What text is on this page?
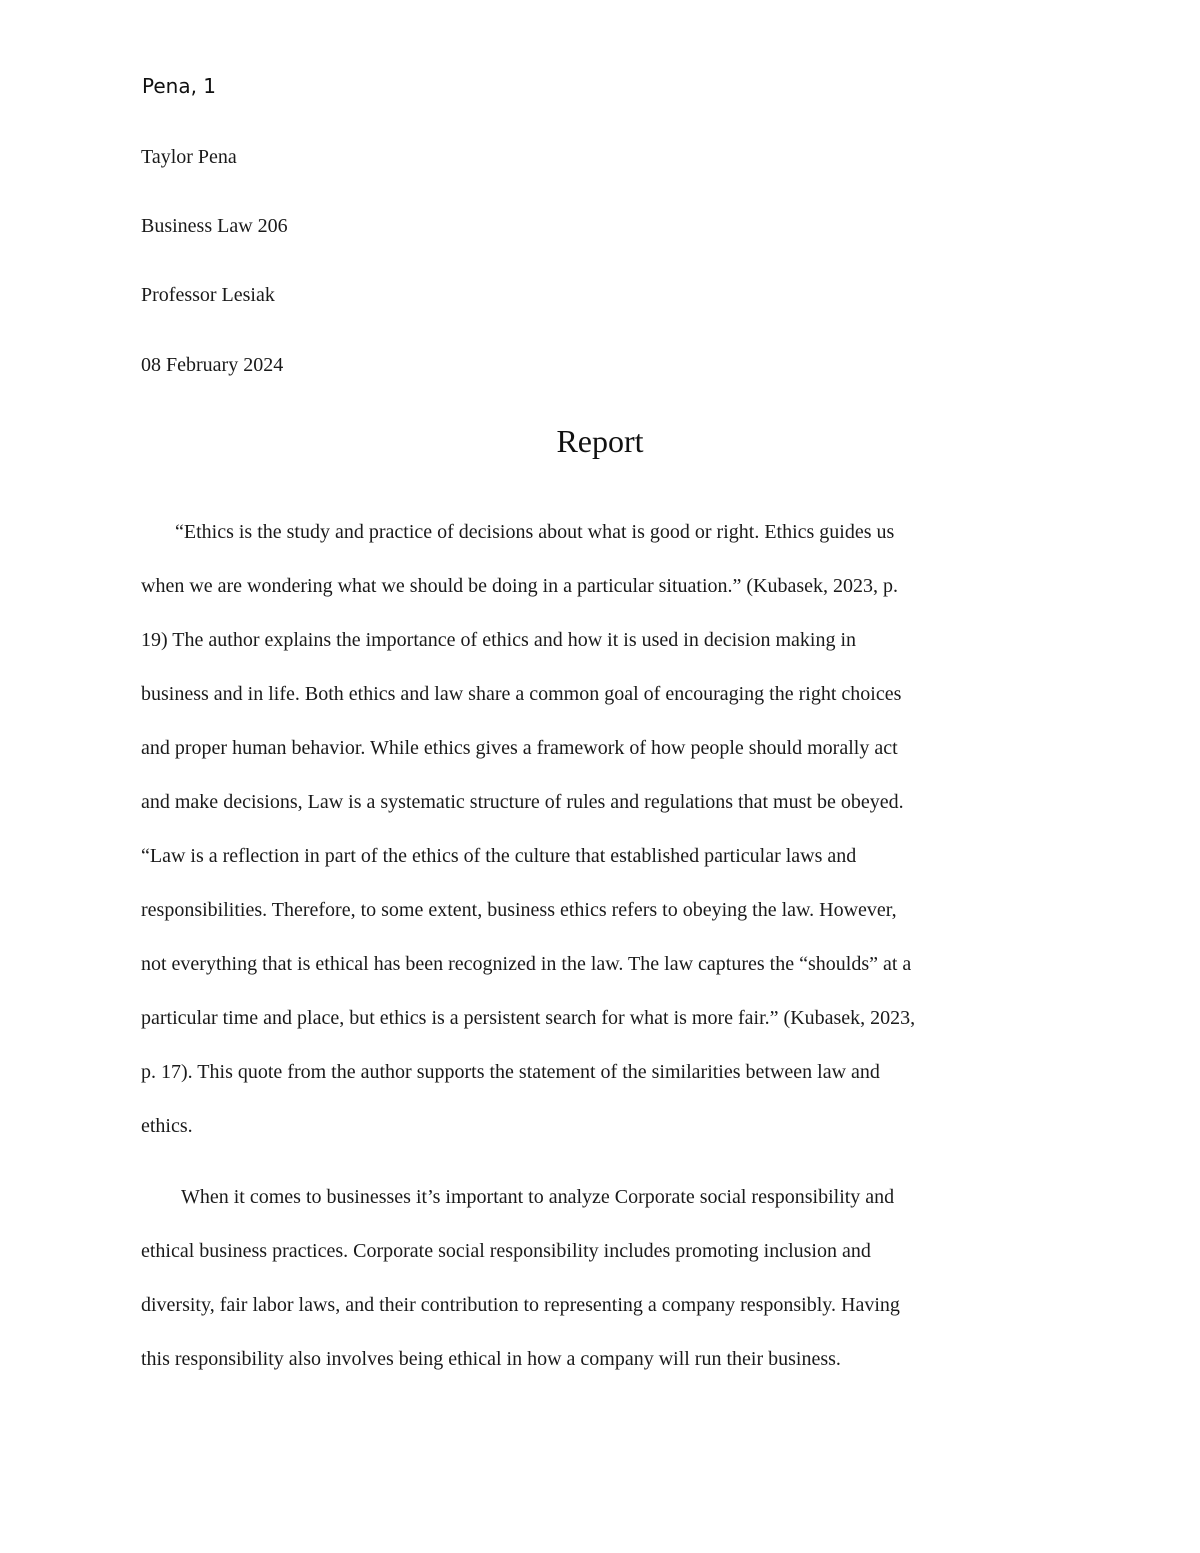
Pena, 1
Taylor Pena
Business Law 206
Professor Lesiak
08 February 2024
Report
“Ethics is the study and practice of decisions about what is good or right. Ethics guides us
when we are wondering what we should be doing in a particular situation.” (Kubasek, 2023, p.
19) The author explains the importance of ethics and how it is used in decision making in
business and in life. Both ethics and law share a common goal of encouraging the right choices
and proper human behavior. While ethics gives a framework of how people should morally act
and make decisions, Law is a systematic structure of rules and regulations that must be obeyed.
“Law is a reflection in part of the ethics of the culture that established particular laws and
responsibilities. Therefore, to some extent, business ethics refers to obeying the law. However,
not everything that is ethical has been recognized in the law. The law captures the “shoulds” at a
particular time and place, but ethics is a persistent search for what is more fair.” (Kubasek, 2023,
p. 17). This quote from the author supports the statement of the similarities between law and
ethics.
When it comes to businesses it’s important to analyze Corporate social responsibility and
ethical business practices. Corporate social responsibility includes promoting inclusion and
diversity, fair labor laws, and their contribution to representing a company responsibly. Having
this responsibility also involves being ethical in how a company will run their business.
